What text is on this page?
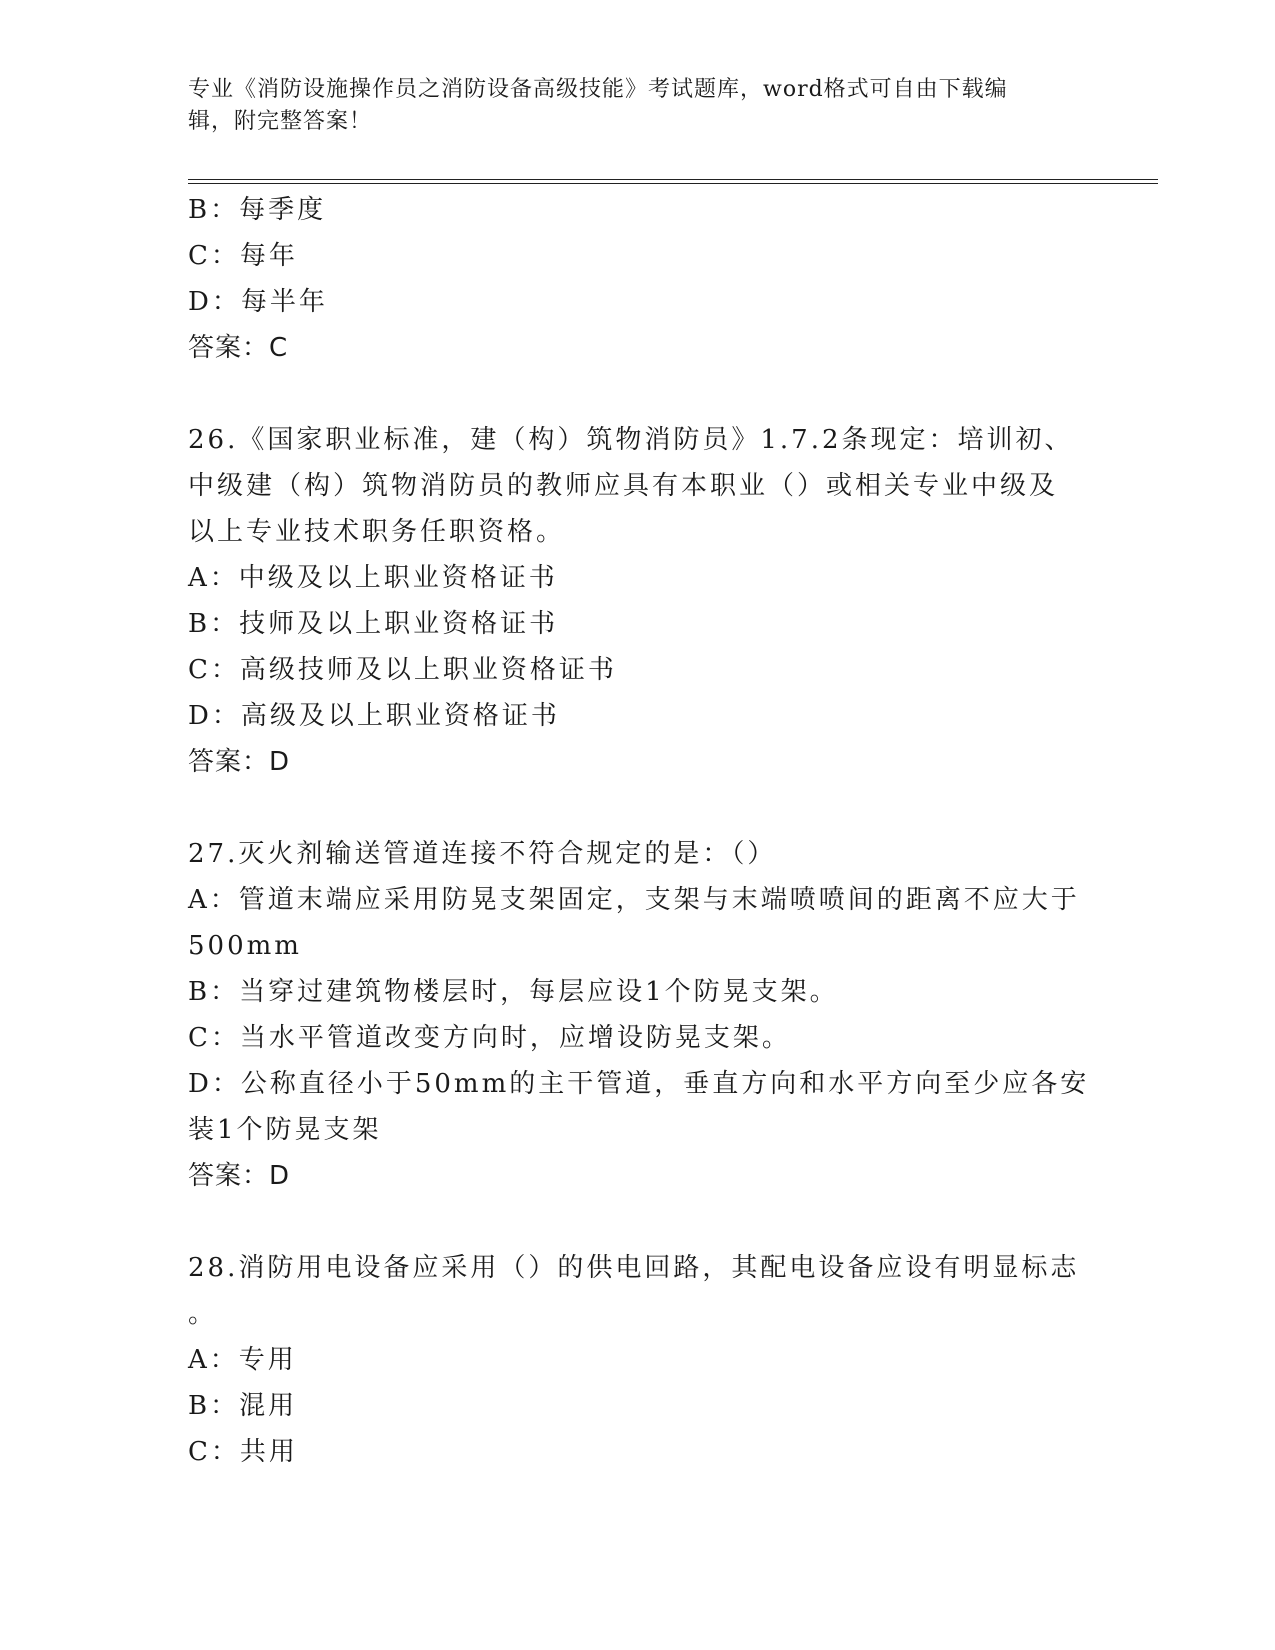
专业《消防设施操作员之消防设备高级技能》考试题库，word格式可自由下载编
辑，附完整答案！
B：每季度
C：每年
D：每半年
答案：C
26.《国家职业标准，建（构）筑物消防员》1.7.2条现定：培训初、
中级建（构）筑物消防员的教师应具有本职业（）或相关专业中级及
以上专业技术职务任职资格。
A：中级及以上职业资格证书
B：技师及以上职业资格证书
C：高级技师及以上职业资格证书
D：高级及以上职业资格证书
答案：D
27.灭火剂输送管道连接不符合规定的是：（）
A：管道末端应采用防晃支架固定，支架与末端喷喷间的距离不应大于
500mm
B：当穿过建筑物楼层时，每层应设1个防晃支架。
C：当水平管道改变方向时，应增设防晃支架。
D：公称直径小于50mm的主干管道，垂直方向和水平方向至少应各安
装1个防晃支架
答案：D
28.消防用电设备应采用（）的供电回路，其配电设备应设有明显标志
。
A：专用
B：混用
C：共用
